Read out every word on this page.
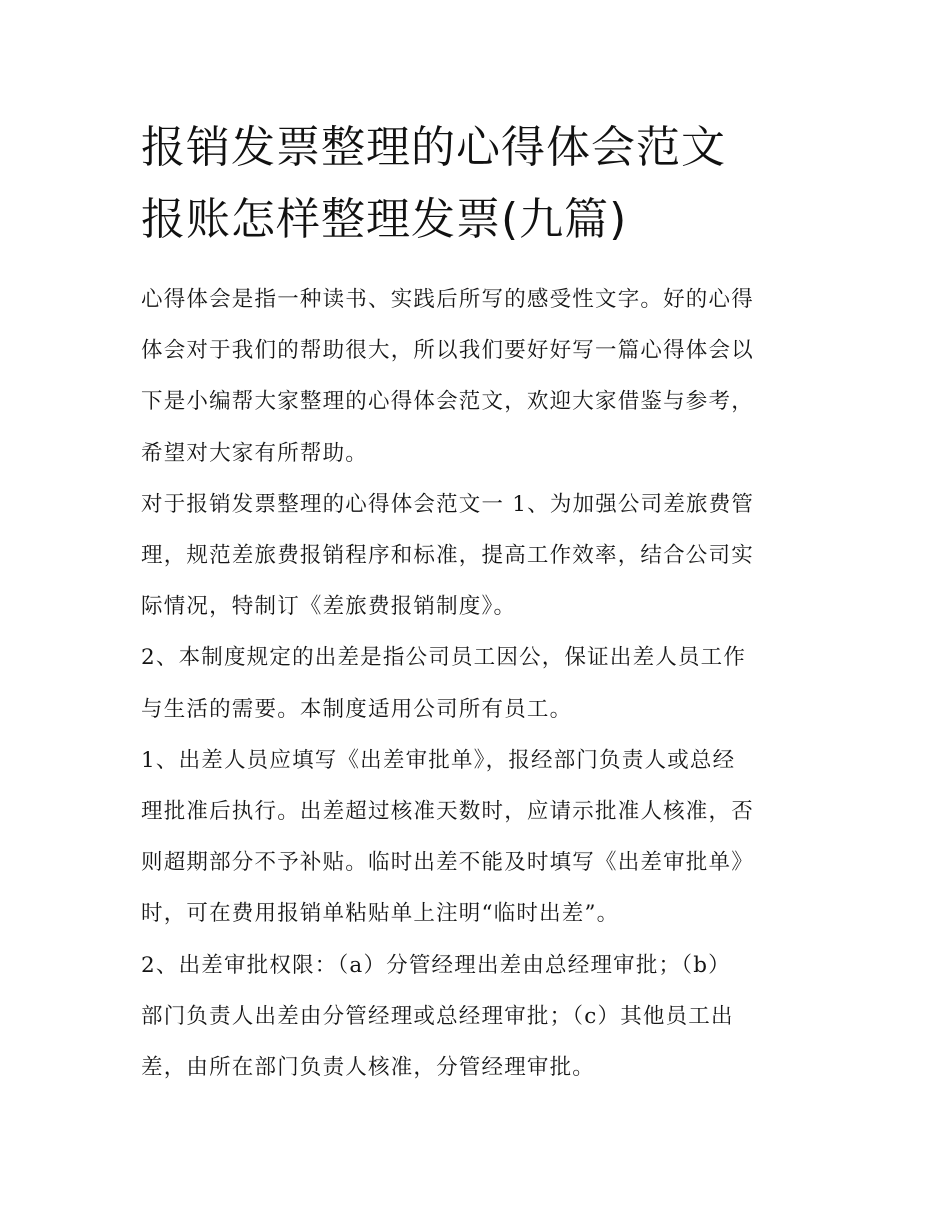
报销发票整理的心得体会范文
报账怎样整理发票(九篇)

心得体会是指一种读书、实践后所写的感受性文字。好的心得
体会对于我们的帮助很大，所以我们要好好写一篇心得体会以
下是小编帮大家整理的心得体会范文，欢迎大家借鉴与参考，
希望对大家有所帮助。

对于报销发票整理的心得体会范文一 1、为加强公司差旅费管
理，规范差旅费报销程序和标准，提高工作效率，结合公司实
际情况，特制订《差旅费报销制度》。

2、本制度规定的出差是指公司员工因公，保证出差人员工作
与生活的需要。本制度适用公司所有员工。

1、出差人员应填写《出差审批单》，报经部门负责人或总经
理批准后执行。出差超过核准天数时，应请示批准人核准，否
则超期部分不予补贴。临时出差不能及时填写《出差审批单》
时，可在费用报销单粘贴单上注明“临时出差”。

2、出差审批权限：（a）分管经理出差由总经理审批；（b）
部门负责人出差由分管经理或总经理审批；（c）其他员工出
差，由所在部门负责人核准，分管经理审批。
